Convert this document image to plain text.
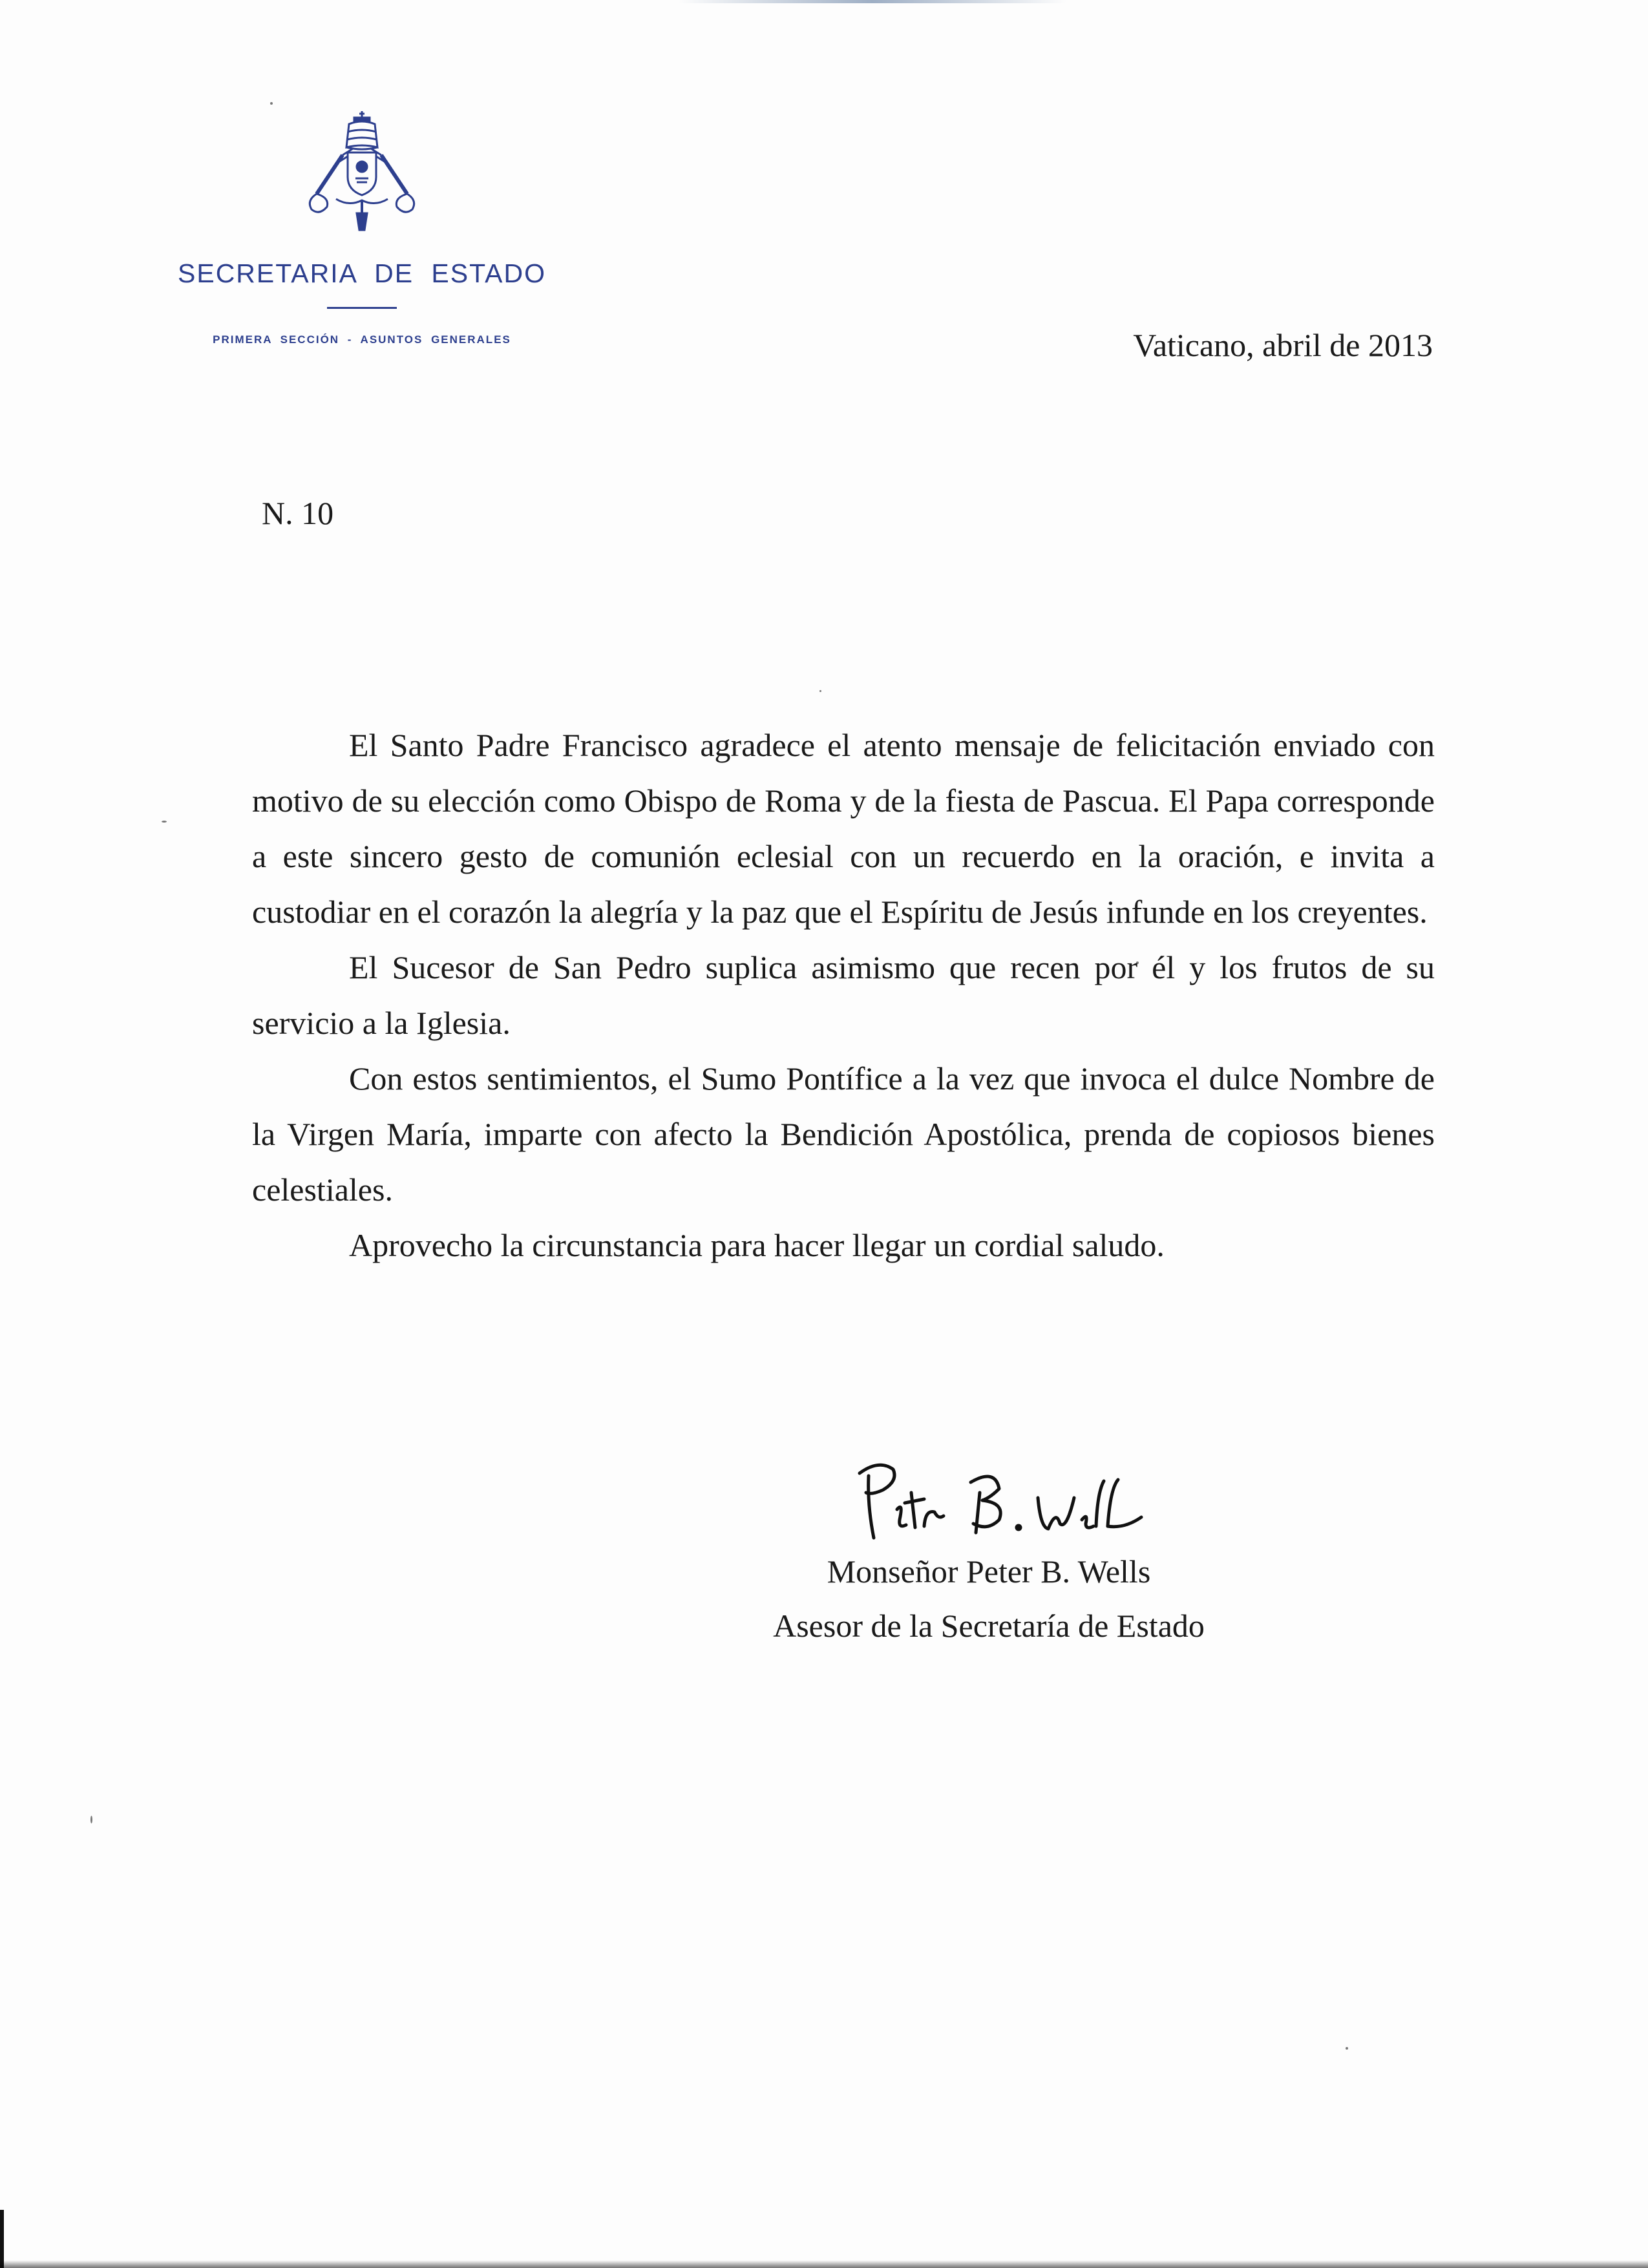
SECRETARIA DE ESTADO
PRIMERA SECCIÓN - ASUNTOS GENERALES	Vaticano, abril de 2013
N. 10

El Santo Padre Francisco agradece el atento mensaje de felicitación enviado con motivo de su elección como Obispo de Roma y de la fiesta de Pascua. El Papa corresponde a este sincero gesto de comunión eclesial con un recuerdo en la oración, e invita a custodiar en el corazón la alegría y la paz que el Espíritu de Jesús infunde en los creyentes.

El Sucesor de San Pedro suplica asimismo que recen por él y los frutos de su servicio a la Iglesia.

Con estos sentimientos, el Sumo Pontífice a la vez que invoca el dulce Nombre de la Virgen María, imparte con afecto la Bendición Apostólica, prenda de copiosos bienes celestiales.

Aprovecho la circunstancia para hacer llegar un cordial saludo.

Monseñor Peter B. Wells
Asesor de la Secretaría de Estado
